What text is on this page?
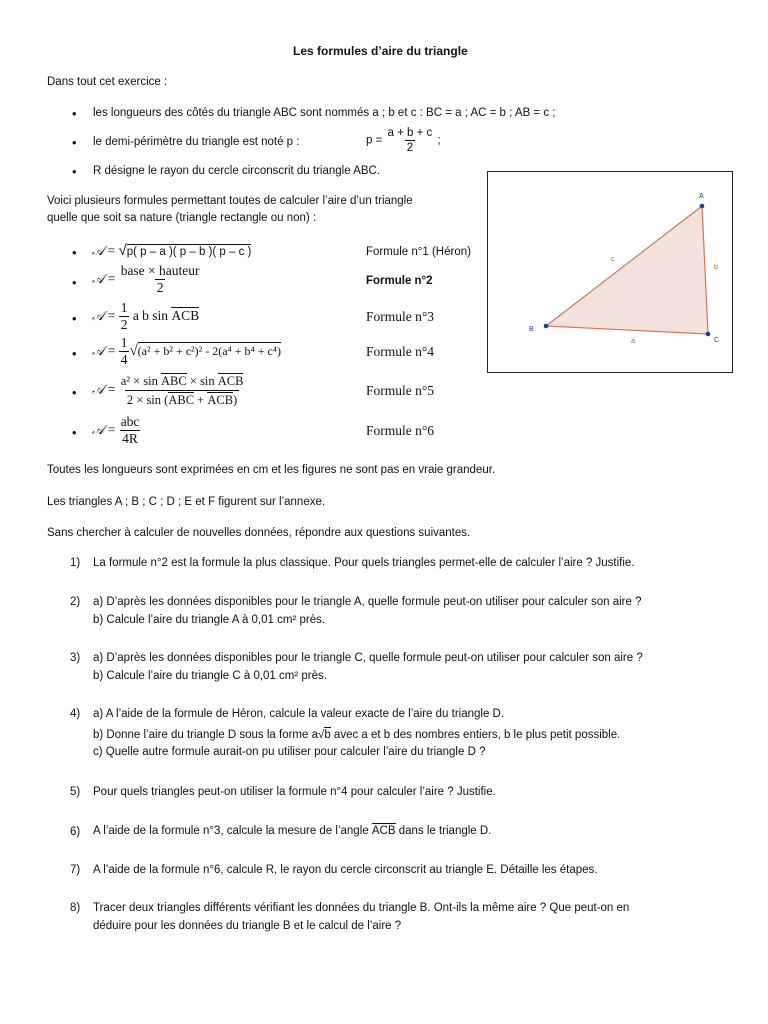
Les formules d’aire du triangle
Dans tout cet exercice :
• les longueurs des côtés du triangle ABC sont nommés a ; b et c : BC = a ; AC = b ; AB = c ;
• le demi-périmètre du triangle est noté p :	$p = \frac{a + b + c}{2}$ ;
• R désigne le rayon du cercle circonscrit du triangle ABC.
Voici plusieurs formules permettant toutes de calculer l’aire d’un triangle
quelle que soit sa nature (triangle rectangle ou non) :
A
B
C
a
b
c
• 𝒜 = √p( p – a )( p – b )( p – c )	Formule n°1 (Héron)
• 𝒜 = $\frac{\text{base × hauteur}}{2}$	Formule n°2
• 𝒜 = $\frac{1}{2}$ a b sin ACB	Formule n°3
• 𝒜 = $\frac{1}{4} √(a^2 + b^2 + c^2)^2 - 2(a^4 + b^4 + c^4)$	Formule n°4
• 𝒜 = $\frac{\text{a² × sin ABC × sin ACB}}{\text{2 × sin (ABC + ACB)}}$	Formule n°5
• 𝒜 = $\frac{\text{abc}}{4R}$	Formule n°6
Toutes les longueurs sont exprimées en cm et les figures ne sont pas en vraie grandeur.
Les triangles A ; B ; C ; D ; E et F figurent sur l’annexe.
Sans chercher à calculer de nouvelles données, répondre aux questions suivantes.
1) La formule n°2 est la formule la plus classique. Pour quels triangles permet-elle de calculer l’aire ? Justifie.
2) a) D’après les données disponibles pour le triangle A, quelle formule peut-on utiliser pour calculer son aire ?
b) Calcule l’aire du triangle A à 0,01 cm² près.
3) a) D’après les données disponibles pour le triangle C, quelle formule peut-on utiliser pour calculer son aire ?
b) Calcule l’aire du triangle C à 0,01 cm² près.
4) a) A l’aide de la formule de Héron, calcule la valeur exacte de l’aire du triangle D.
b) Donne l’aire du triangle D sous la forme a√b avec a et b des nombres entiers, b le plus petit possible.
c) Quelle autre formule aurait-on pu utiliser pour calculer l’aire du triangle D ?
5) Pour quels triangles peut-on utiliser la formule n°4 pour calculer l’aire ? Justifie.
6) A l’aide de la formule n°3, calcule la mesure de l’angle ACB dans le triangle D.
7) A l’aide de la formule n°6, calcule R, le rayon du cercle circonscrit au triangle E. Détaille les étapes.
8) Tracer deux triangles différents vérifiant les données du triangle B. Ont-ils la même aire ? Que peut-on en
déduire pour les données du triangle B et le calcul de l’aire ?
